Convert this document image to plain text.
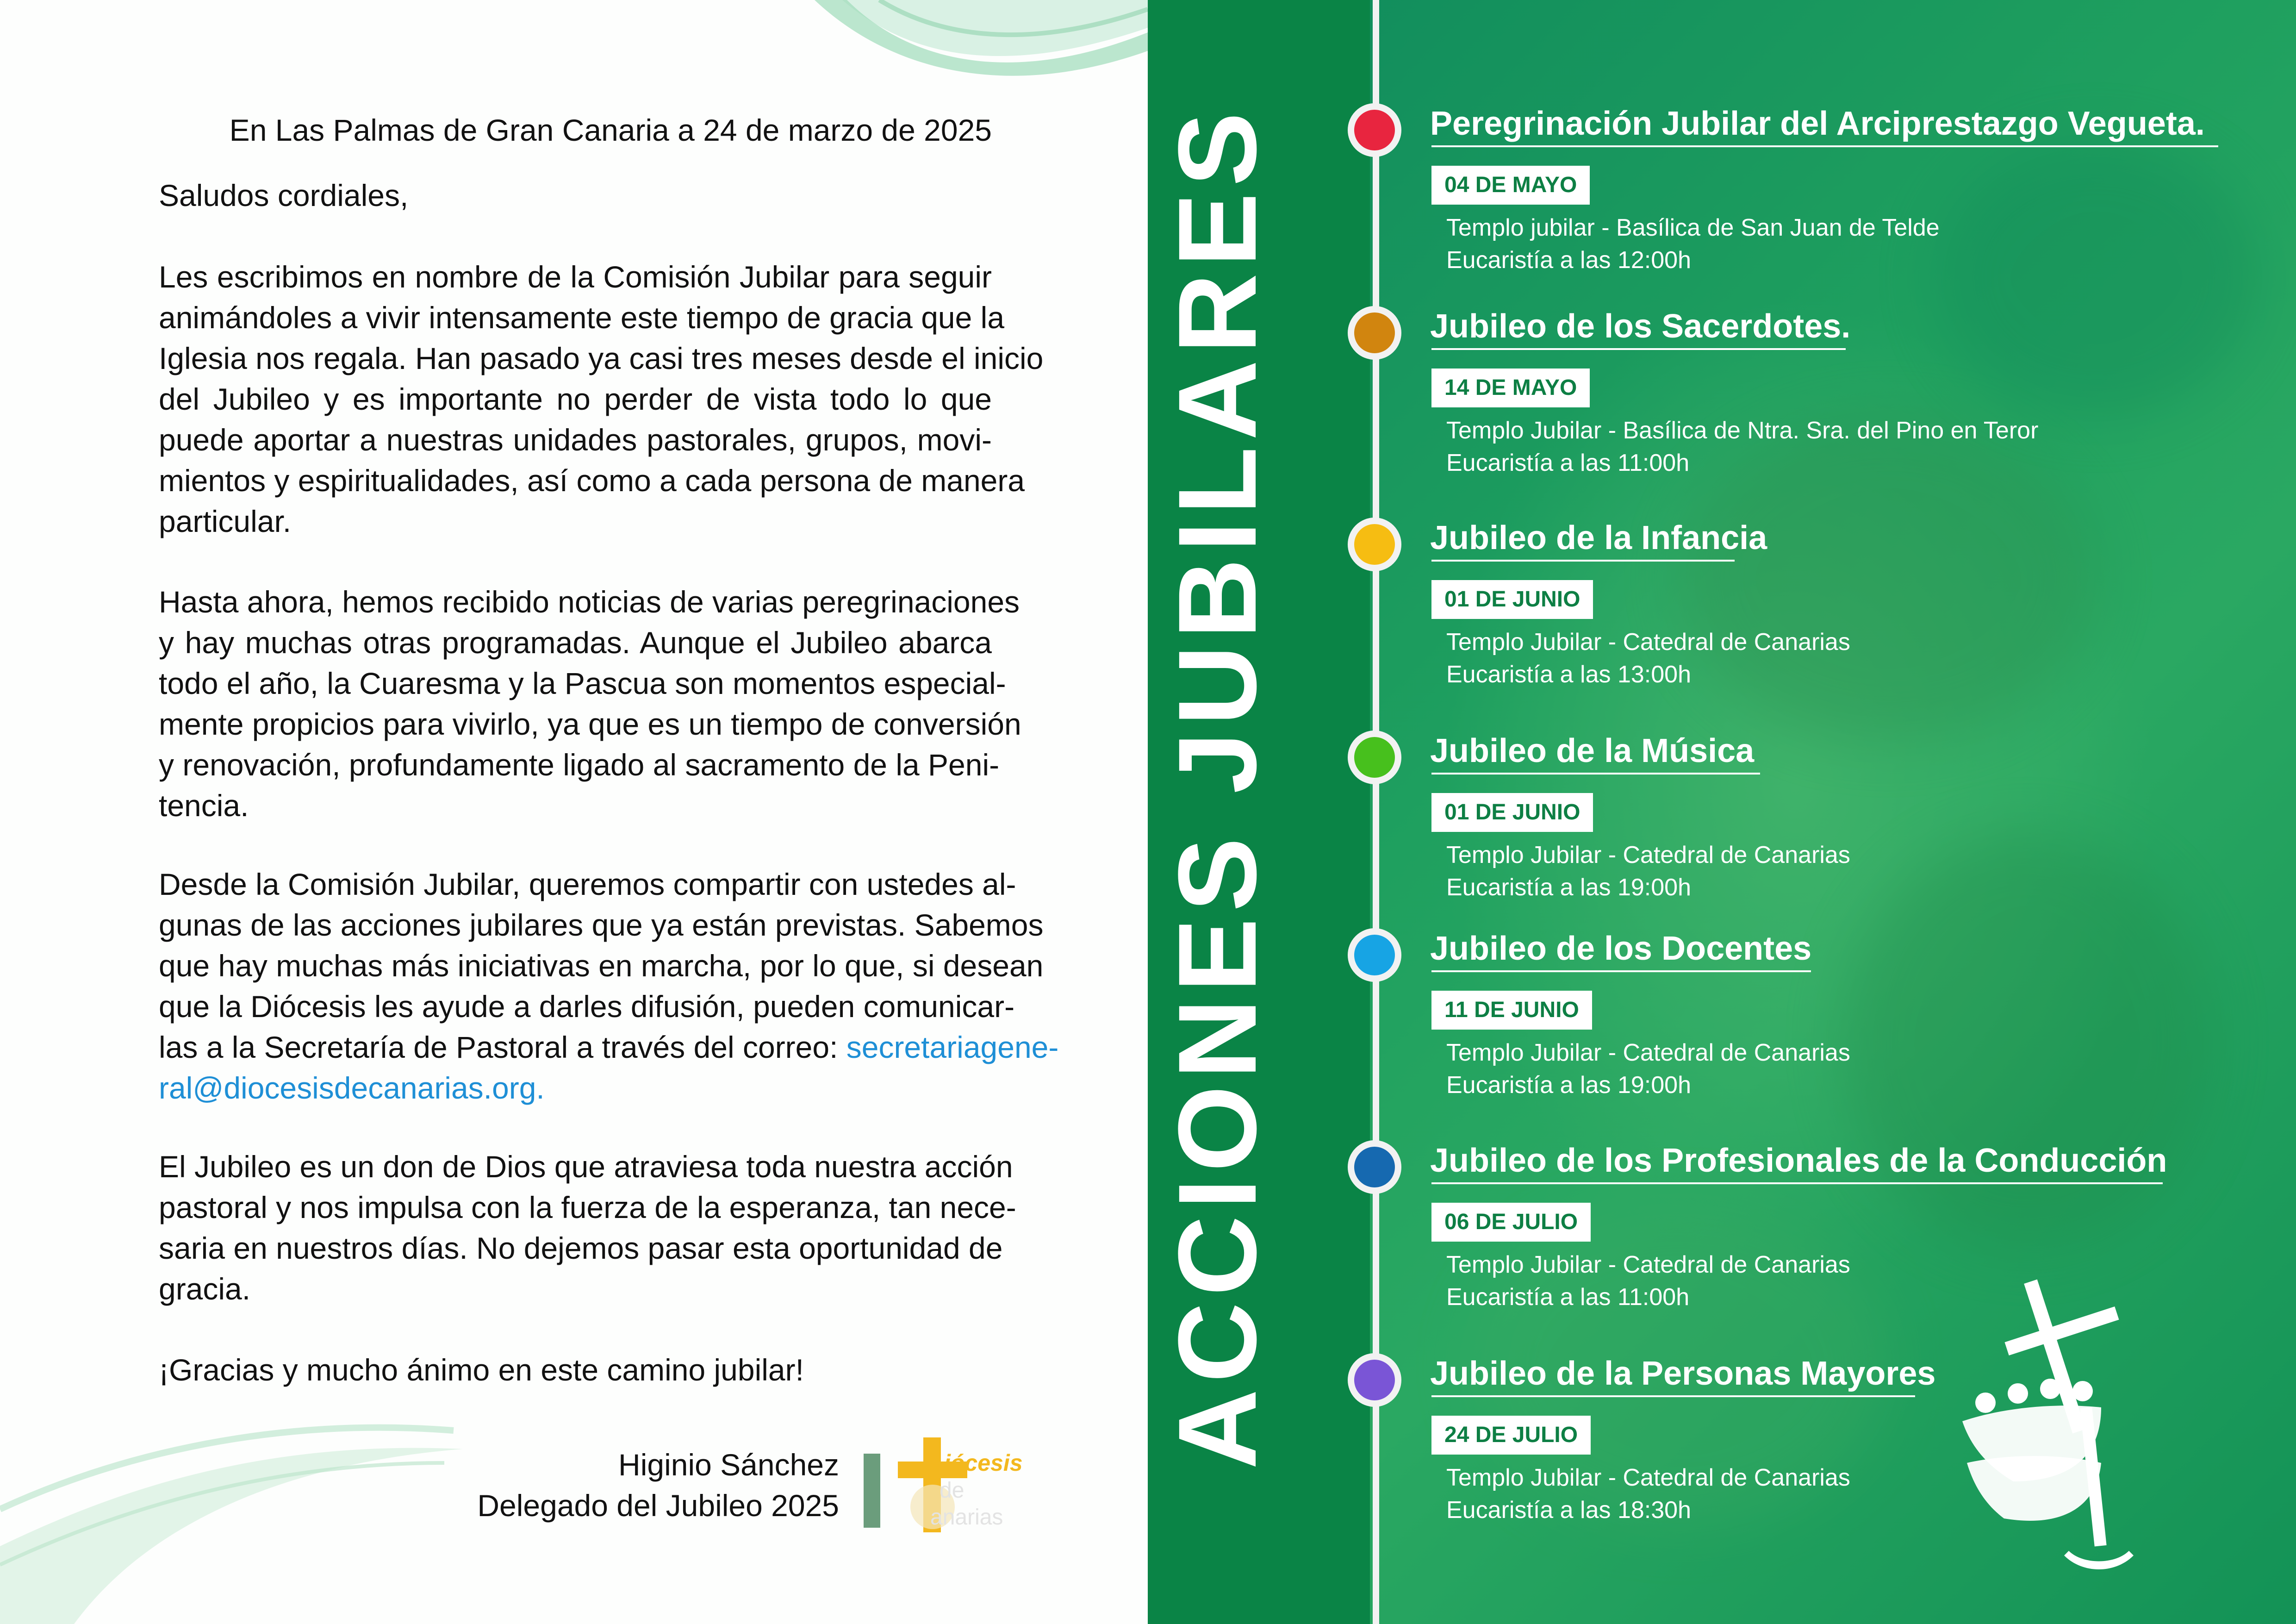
En Las Palmas de Gran Canaria a 24 de marzo de 2025
Saludos cordiales,
Les escribimos en nombre de la Comisión Jubilar para seguir
animándoles a vivir intensamente este tiempo de gracia que la
Iglesia nos regala. Han pasado ya casi tres meses desde el inicio
del Jubileo y es importante no perder de vista todo lo que
puede aportar a nuestras unidades pastorales, grupos, movi-
mientos y espiritualidades, así como a cada persona de manera
particular.
Hasta ahora, hemos recibido noticias de varias peregrinaciones
y hay muchas otras programadas. Aunque el Jubileo abarca
todo el año, la Cuaresma y la Pascua son momentos especial-
mente propicios para vivirlo, ya que es un tiempo de conversión
y renovación, profundamente ligado al sacramento de la Peni-
tencia.
Desde la Comisión Jubilar, queremos compartir con ustedes al-
gunas de las acciones jubilares que ya están previstas. Sabemos
que hay muchas más iniciativas en marcha, por lo que, si desean
que la Diócesis les ayude a darles difusión, pueden comunicar-
las a la Secretaría de Pastoral a través del correo: secretariagene-
ral@diocesisdecanarias.org.
El Jubileo es un don de Dios que atraviesa toda nuestra acción
pastoral y nos impulsa con la fuerza de la esperanza, tan nece-
saria en nuestros días. No dejemos pasar esta oportunidad de
gracia.
¡Gracias y mucho ánimo en este camino jubilar!
Higinio Sánchez
Delegado del Jubileo 2025
iócesis
de
anarias
ACCIONES JUBILARES	Peregrinación Jubilar del Arciprestazgo Vegueta.
04 DE MAYO
Templo jubilar - Basílica de San Juan de Telde
Eucaristía a las 12:00h
Jubileo de los Sacerdotes.
14 DE MAYO
Templo Jubilar - Basílica de Ntra. Sra. del Pino en Teror
Eucaristía a las 11:00h
Jubileo de la Infancia
01 DE JUNIO
Templo Jubilar - Catedral de Canarias
Eucaristía a las 13:00h
Jubileo de la Música
01 DE JUNIO
Templo Jubilar - Catedral de Canarias
Eucaristía a las 19:00h
Jubileo de los Docentes
11 DE JUNIO
Templo Jubilar - Catedral de Canarias
Eucaristía a las 19:00h
Jubileo de los Profesionales de la Conducción
06 DE JULIO
Templo Jubilar - Catedral de Canarias
Eucaristía a las 11:00h
Jubileo de la Personas Mayores
24 DE JULIO
Templo Jubilar - Catedral de Canarias
Eucaristía a las 18:30h
